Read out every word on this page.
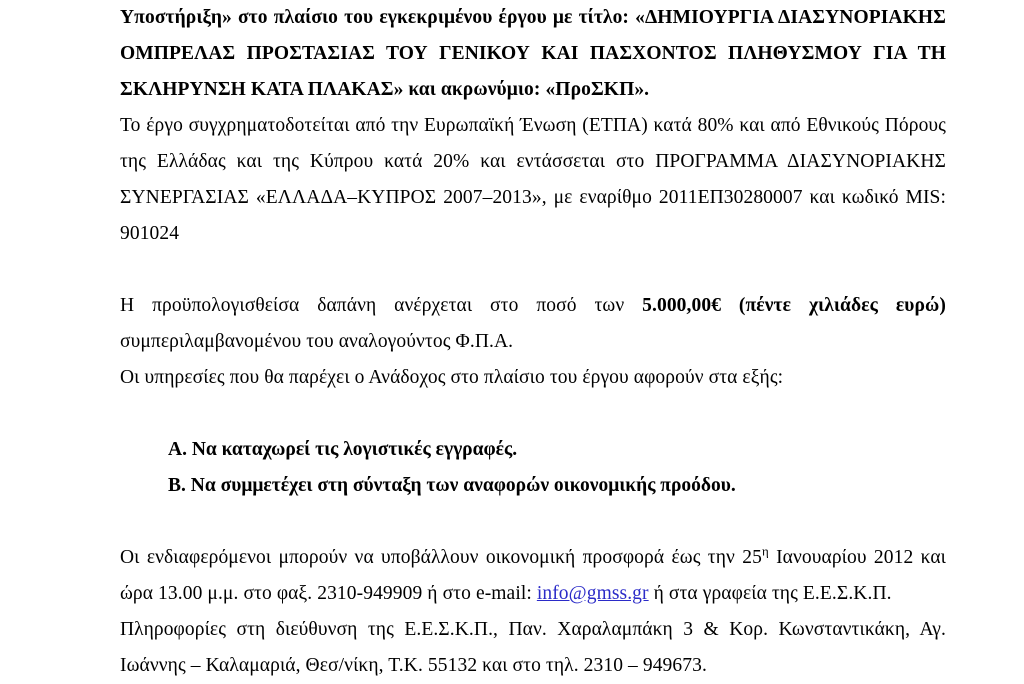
Υποστήριξη» στο πλαίσιο του εγκεκριμένου έργου με τίτλο: «ΔΗΜΙΟΥΡΓΙΑ ΔΙΑΣΥΝΟΡΙΑΚΗΣ ΟΜΠΡΕΛΑΣ ΠΡΟΣΤΑΣΙΑΣ ΤΟΥ ΓΕΝΙΚΟΥ ΚΑΙ ΠΑΣΧΟΝΤΟΣ ΠΛΗΘΥΣΜΟΥ ΓΙΑ ΤΗ ΣΚΛΗΡΥΝΣΗ ΚΑΤΑ ΠΛΑΚΑΣ» και ακρωνύμιο: «ΠροΣΚΠ».

Το έργο συγχρηματοδοτείται από την Ευρωπαϊκή Ένωση (ΕΤΠΑ) κατά 80% και από Εθνικούς Πόρους της Ελλάδας και της Κύπρου κατά 20% και εντάσσεται στο ΠΡΟΓΡΑΜΜΑ ΔΙΑΣΥΝΟΡΙΑΚΗΣ ΣΥΝΕΡΓΑΣΙΑΣ «ΕΛΛΑΔΑ–ΚΥΠΡΟΣ 2007–2013», με εναρίθμο 2011ΕΠ30280007 και κωδικό MIS: 901024

Η προϋπολογισθείσα δαπάνη ανέρχεται στο ποσό των 5.000,00€ (πέντε χιλιάδες ευρώ) συμπεριλαμβανομένου του αναλογούντος Φ.Π.Α.

Οι υπηρεσίες που θα παρέχει ο Ανάδοχος στο πλαίσιο του έργου αφορούν στα εξής:

Α. Να καταχωρεί τις λογιστικές εγγραφές.

Β. Να συμμετέχει στη σύνταξη των αναφορών οικονομικής προόδου.

Οι ενδιαφερόμενοι μπορούν να υποβάλλουν οικονομική προσφορά έως την $25^\eta$ Ιανουαρίου 2012 και ώρα 13.00 μ.μ. στο φαξ. 2310-949909 ή στο e-mail: info@gmss.gr ή στα γραφεία της Ε.Ε.Σ.Κ.Π.

Πληροφορίες στη διεύθυνση της Ε.Ε.Σ.Κ.Π., Παν. Χαραλαμπάκη 3 & Κορ. Κωνσταντικάκη, Αγ. Ιωάννης – Καλαμαριά, Θεσ/νίκη, Τ.Κ. 55132 και στο τηλ. 2310 – 949673.
